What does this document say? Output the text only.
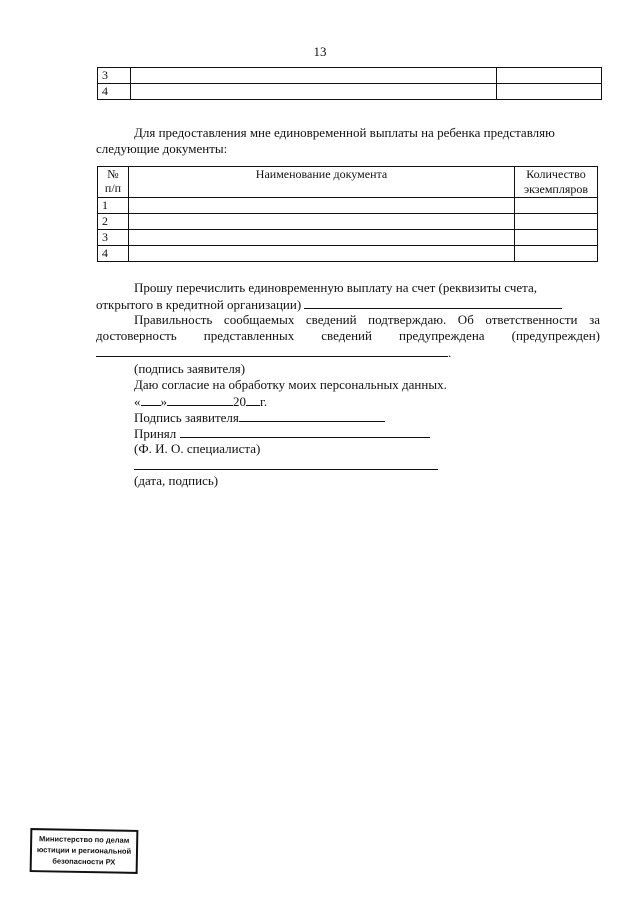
13
3		
4		
Для предоставления мне единовременной выплаты на ребенка представляю
следующие документы:
№ п/п	Наименование документа	Количество экземпляров
1		
2		
3		
4		
Прошу перечислить единовременную выплату на счет (реквизиты счета,
открытого в кредитной организации)
Правильность сообщаемых сведений подтверждаю. Об ответственности за
достоверность представленных сведений предупреждена (предупрежден)
.
(подпись заявителя)
Даю согласие на обработку моих персональных данных.
« »	20 г.
Подпись заявителя
Принял
(Ф. И. О. специалиста)
(дата, подпись)
Министерство по делам
юстиции и региональной
безопасности РХ
